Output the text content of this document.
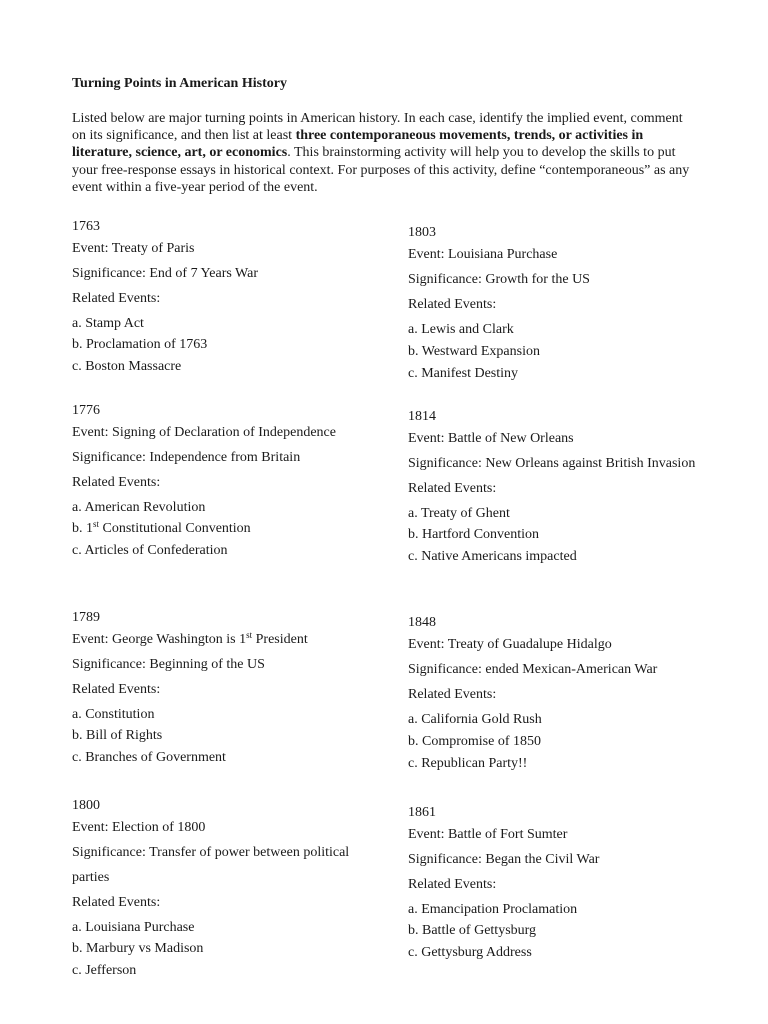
Turning Points in American History

Listed below are major turning points in American history. In each case, identify the implied event, comment on its significance, and then list at least three contemporaneous movements, trends, or activities in literature, science, art, or economics. This brainstorming activity will help you to develop the skills to put your free-response essays in historical context. For purposes of this activity, define “contemporaneous” as any event within a five-year period of the event.

1763
Event: Treaty of Paris
Significance: End of 7 Years War
Related Events:
a. Stamp Act
b. Proclamation of 1763
c. Boston Massacre
1776
Event: Signing of Declaration of Independence
Significance: Independence from Britain
Related Events:
a. American Revolution
b. 1st Constitutional Convention
c. Articles of Confederation
1789
Event: George Washington is 1st President
Significance: Beginning of the US
Related Events:
a. Constitution
b. Bill of Rights
c. Branches of Government
1800
Event: Election of 1800
Significance: Transfer of power between political
parties
Related Events:
a. Louisiana Purchase
b. Marbury vs Madison
c. Jefferson
1803
Event: Louisiana Purchase
Significance: Growth for the US
Related Events:
a. Lewis and Clark
b. Westward Expansion
c. Manifest Destiny
1814
Event: Battle of New Orleans
Significance: New Orleans against British Invasion
Related Events:
a. Treaty of Ghent
b. Hartford Convention
c. Native Americans impacted
1848
Event: Treaty of Guadalupe Hidalgo
Significance: ended Mexican-American War
Related Events:
a. California Gold Rush
b. Compromise of 1850
c. Republican Party!!
1861
Event: Battle of Fort Sumter
Significance: Began the Civil War
Related Events:
a. Emancipation Proclamation
b. Battle of Gettysburg
c. Gettysburg Address
